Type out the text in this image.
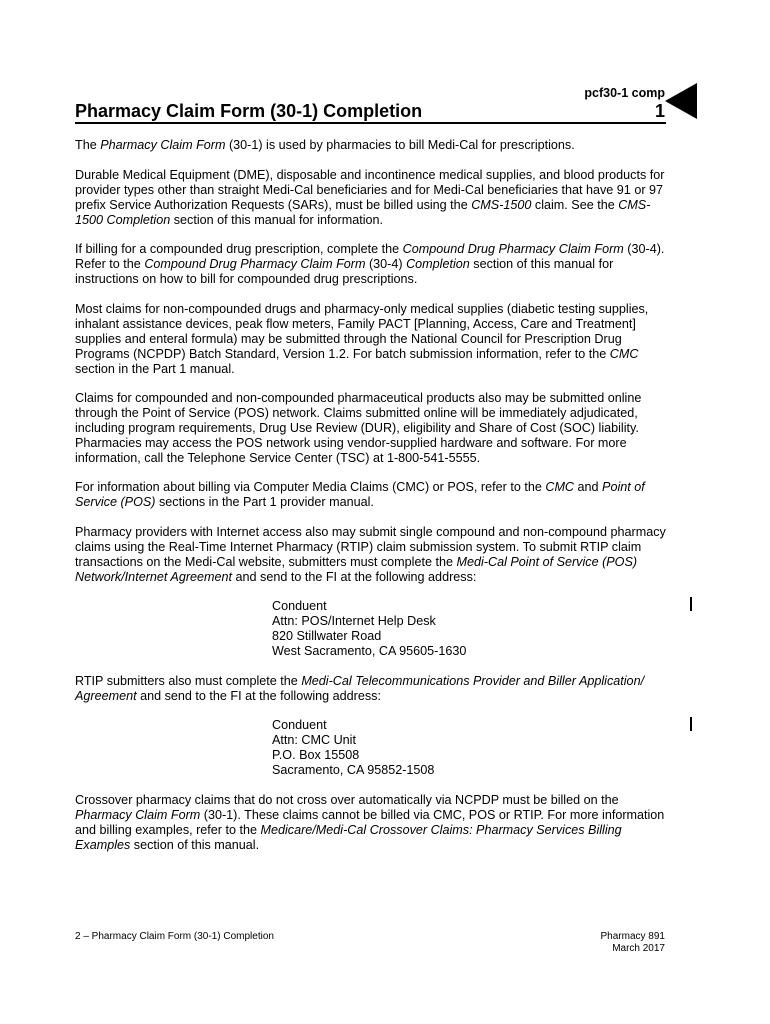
pcf30-1 comp
Pharmacy Claim Form (30-1) Completion	1

The Pharmacy Claim Form (30-1) is used by pharmacies to bill Medi-Cal for prescriptions.

Durable Medical Equipment (DME), disposable and incontinence medical supplies, and blood products for provider types other than straight Medi-Cal beneficiaries and for Medi-Cal beneficiaries that have 91 or 97 prefix Service Authorization Requests (SARs), must be billed using the CMS-1500 claim. See the CMS-1500 Completion section of this manual for information.

If billing for a compounded drug prescription, complete the Compound Drug Pharmacy Claim Form (30-4). Refer to the Compound Drug Pharmacy Claim Form (30-4) Completion section of this manual for instructions on how to bill for compounded drug prescriptions.

Most claims for non-compounded drugs and pharmacy-only medical supplies (diabetic testing supplies, inhalant assistance devices, peak flow meters, Family PACT [Planning, Access, Care and Treatment] supplies and enteral formula) may be submitted through the National Council for Prescription Drug Programs (NCPDP) Batch Standard, Version 1.2. For batch submission information, refer to the CMC section in the Part 1 manual.

Claims for compounded and non-compounded pharmaceutical products also may be submitted online through the Point of Service (POS) network. Claims submitted online will be immediately adjudicated, including program requirements, Drug Use Review (DUR), eligibility and Share of Cost (SOC) liability. Pharmacies may access the POS network using vendor-supplied hardware and software. For more information, call the Telephone Service Center (TSC) at 1-800-541-5555.

For information about billing via Computer Media Claims (CMC) or POS, refer to the CMC and Point of Service (POS) sections in the Part 1 provider manual.

Pharmacy providers with Internet access also may submit single compound and non-compound pharmacy claims using the Real-Time Internet Pharmacy (RTIP) claim submission system. To submit RTIP claim transactions on the Medi-Cal website, submitters must complete the Medi-Cal Point of Service (POS) Network/Internet Agreement and send to the FI at the following address:

Conduent
Attn: POS/Internet Help Desk
820 Stillwater Road
West Sacramento, CA 95605-1630

RTIP submitters also must complete the Medi-Cal Telecommunications Provider and Biller Application/ Agreement and send to the FI at the following address:

Conduent
Attn: CMC Unit
P.O. Box 15508
Sacramento, CA 95852-1508

Crossover pharmacy claims that do not cross over automatically via NCPDP must be billed on the Pharmacy Claim Form (30-1). These claims cannot be billed via CMC, POS or RTIP. For more information and billing examples, refer to the Medicare/Medi-Cal Crossover Claims: Pharmacy Services Billing Examples section of this manual.

2 – Pharmacy Claim Form (30-1) Completion	Pharmacy 891
March 2017
